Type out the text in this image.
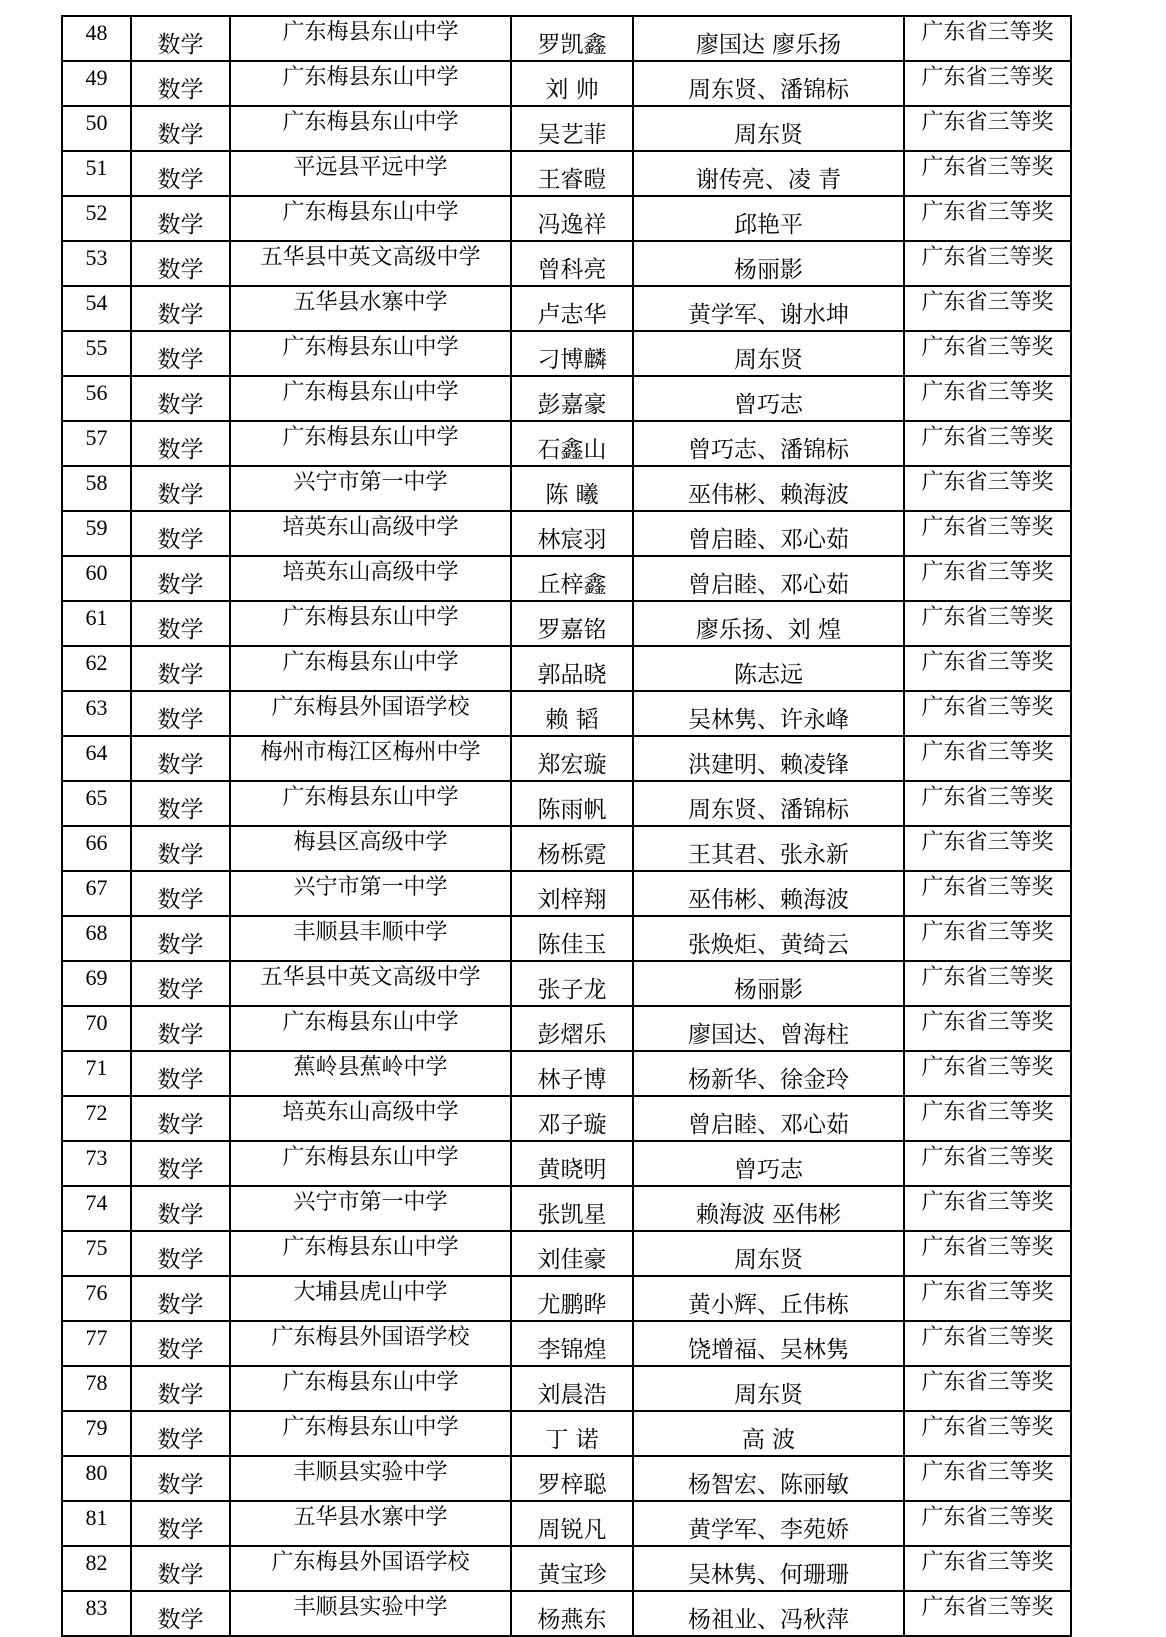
48	数学	广东梅县东山中学	罗凯鑫	廖国达 廖乐扬	广东省三等奖
49	数学	广东梅县东山中学	刘 帅	周东贤、潘锦标	广东省三等奖
50	数学	广东梅县东山中学	吴艺菲	周东贤	广东省三等奖
51	数学	平远县平远中学	王睿暟	谢传亮、凌 青	广东省三等奖
52	数学	广东梅县东山中学	冯逸祥	邱艳平	广东省三等奖
53	数学	五华县中英文高级中学	曾科亮	杨丽影	广东省三等奖
54	数学	五华县水寨中学	卢志华	黄学军、谢水坤	广东省三等奖
55	数学	广东梅县东山中学	刁博麟	周东贤	广东省三等奖
56	数学	广东梅县东山中学	彭嘉豪	曾巧志	广东省三等奖
57	数学	广东梅县东山中学	石鑫山	曾巧志、潘锦标	广东省三等奖
58	数学	兴宁市第一中学	陈 曦	巫伟彬、赖海波	广东省三等奖
59	数学	培英东山高级中学	林宸羽	曾启睦、邓心茹	广东省三等奖
60	数学	培英东山高级中学	丘梓鑫	曾启睦、邓心茹	广东省三等奖
61	数学	广东梅县东山中学	罗嘉铭	廖乐扬、刘 煌	广东省三等奖
62	数学	广东梅县东山中学	郭品晓	陈志远	广东省三等奖
63	数学	广东梅县外国语学校	赖 韬	吴林隽、许永峰	广东省三等奖
64	数学	梅州市梅江区梅州中学	郑宏璇	洪建明、赖凌锋	广东省三等奖
65	数学	广东梅县东山中学	陈雨帆	周东贤、潘锦标	广东省三等奖
66	数学	梅县区高级中学	杨栎霓	王其君、张永新	广东省三等奖
67	数学	兴宁市第一中学	刘梓翔	巫伟彬、赖海波	广东省三等奖
68	数学	丰顺县丰顺中学	陈佳玉	张焕炬、黄绮云	广东省三等奖
69	数学	五华县中英文高级中学	张子龙	杨丽影	广东省三等奖
70	数学	广东梅县东山中学	彭熠乐	廖国达、曾海柱	广东省三等奖
71	数学	蕉岭县蕉岭中学	林子博	杨新华、徐金玲	广东省三等奖
72	数学	培英东山高级中学	邓子璇	曾启睦、邓心茹	广东省三等奖
73	数学	广东梅县东山中学	黄晓明	曾巧志	广东省三等奖
74	数学	兴宁市第一中学	张凯星	赖海波 巫伟彬	广东省三等奖
75	数学	广东梅县东山中学	刘佳豪	周东贤	广东省三等奖
76	数学	大埔县虎山中学	尤鹏晔	黄小辉、丘伟栋	广东省三等奖
77	数学	广东梅县外国语学校	李锦煌	饶增福、吴林隽	广东省三等奖
78	数学	广东梅县东山中学	刘晨浩	周东贤	广东省三等奖
79	数学	广东梅县东山中学	丁 诺	高 波	广东省三等奖
80	数学	丰顺县实验中学	罗梓聪	杨智宏、陈丽敏	广东省三等奖
81	数学	五华县水寨中学	周锐凡	黄学军、李苑娇	广东省三等奖
82	数学	广东梅县外国语学校	黄宝珍	吴林隽、何珊珊	广东省三等奖
83	数学	丰顺县实验中学	杨燕东	杨祖业、冯秋萍	广东省三等奖
